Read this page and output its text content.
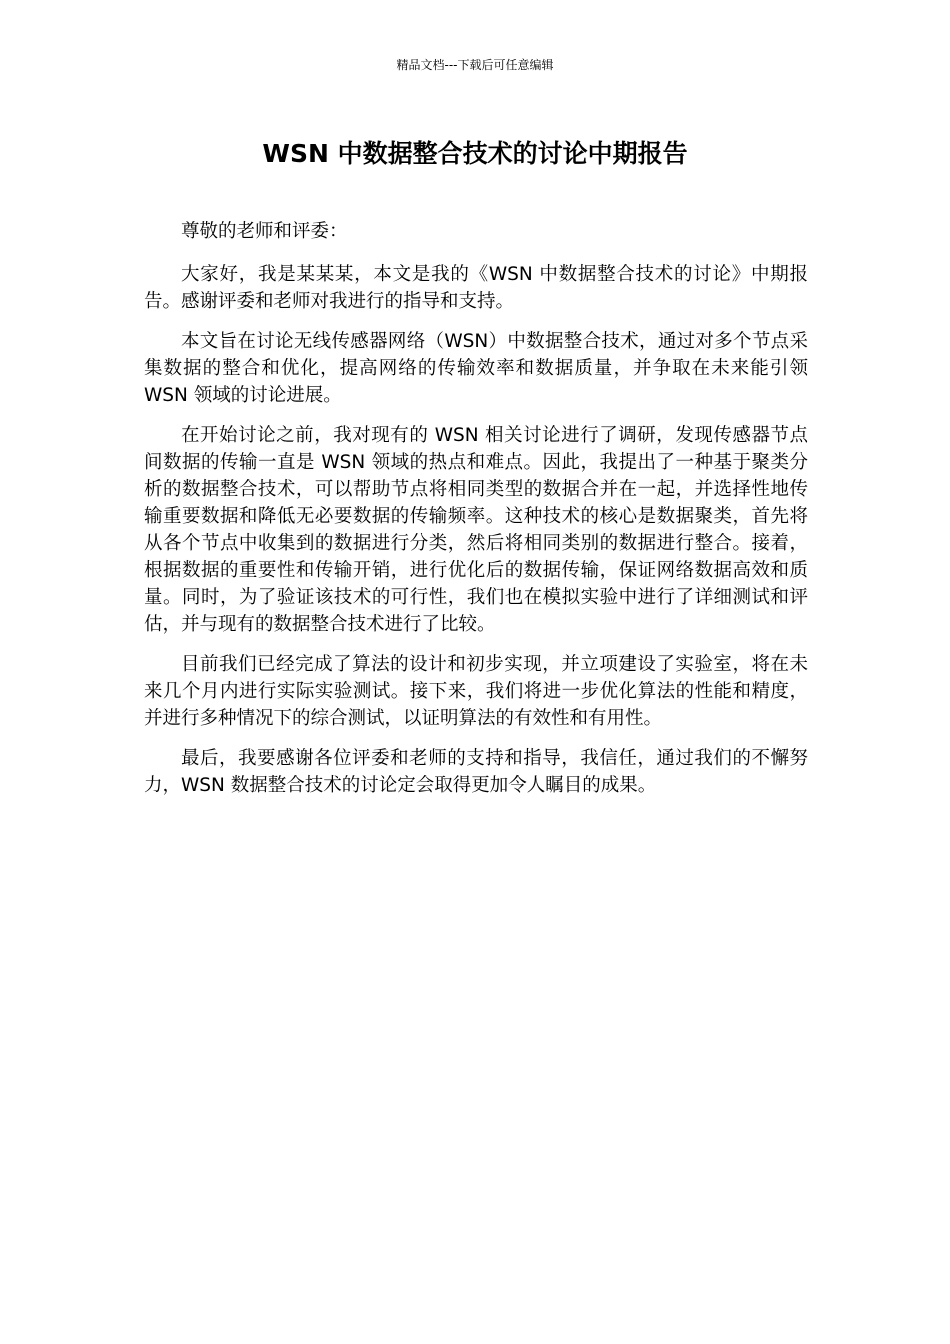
精品文档---下载后可任意编辑
WSN 中数据整合技术的讨论中期报告

尊敬的老师和评委：

大家好，我是某某某，本文是我的《WSN 中数据整合技术的讨论》中期报告。感谢评委和老师对我进行的指导和支持。

本文旨在讨论无线传感器网络（WSN）中数据整合技术，通过对多个节点采集数据的整合和优化，提高网络的传输效率和数据质量，并争取在未来能引领 WSN 领域的讨论进展。

在开始讨论之前，我对现有的 WSN 相关讨论进行了调研，发现传感器节点间数据的传输一直是 WSN 领域的热点和难点。因此，我提出了一种基于聚类分析的数据整合技术，可以帮助节点将相同类型的数据合并在一起，并选择性地传输重要数据和降低无必要数据的传输频率。这种技术的核心是数据聚类，首先将从各个节点中收集到的数据进行分类，然后将相同类别的数据进行整合。接着，根据数据的重要性和传输开销，进行优化后的数据传输，保证网络数据高效和质量。同时，为了验证该技术的可行性，我们也在模拟实验中进行了详细测试和评估，并与现有的数据整合技术进行了比较。

目前我们已经完成了算法的设计和初步实现，并立项建设了实验室，将在未来几个月内进行实际实验测试。接下来，我们将进一步优化算法的性能和精度，并进行多种情况下的综合测试，以证明算法的有效性和有用性。

最后，我要感谢各位评委和老师的支持和指导，我信任，通过我们的不懈努力，WSN 数据整合技术的讨论定会取得更加令人瞩目的成果。
